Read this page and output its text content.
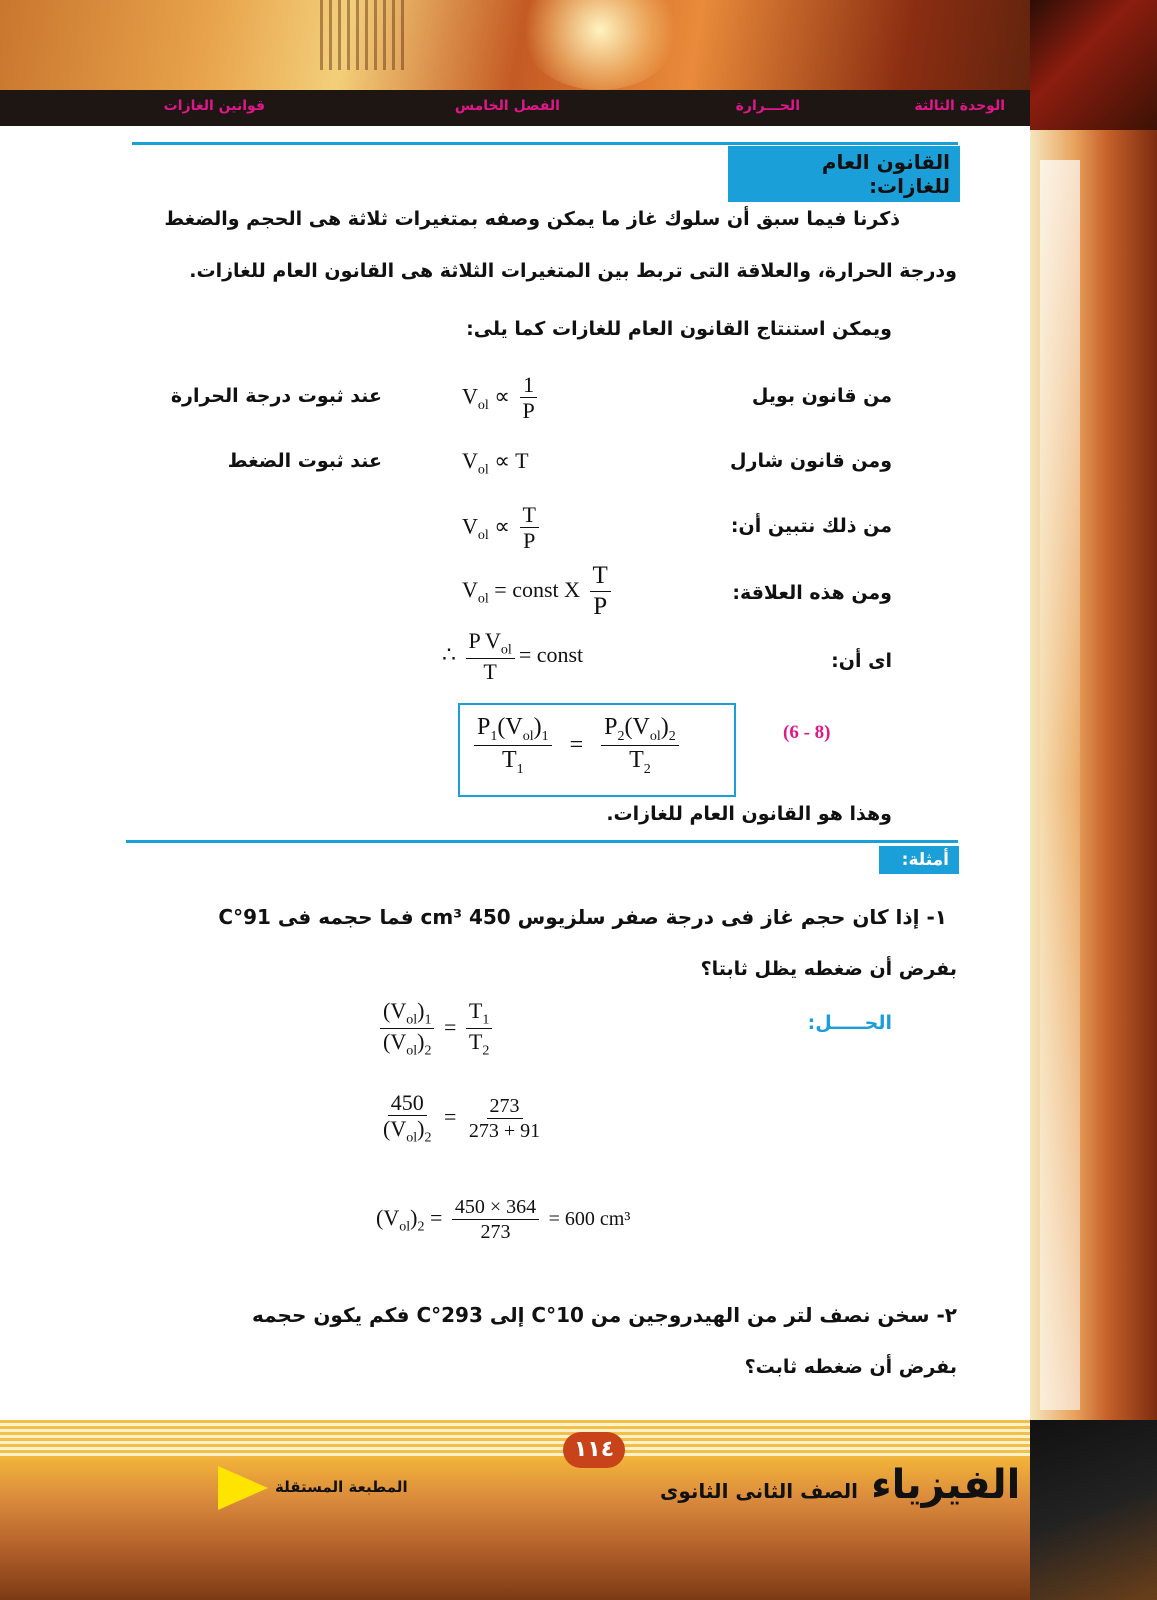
الوحدة الثالثة
الحـــرارة
الفصل الخامس
قوانين الغازات
القانون العام للغازات:
ذكرنا فيما سبق أن سلوك غاز ما يمكن وصفه بمتغيرات ثلاثة هى الحجم والضغط
ودرجة الحرارة، والعلاقة التى تربط بين المتغيرات الثلاثة هى القانون العام للغازات.
ويمكن استنتاج القانون العام للغازات كما يلى:
من قانون بويل
$V_{ol} \propto \frac{1}{P}$
عند ثبوت درجة الحرارة
ومن قانون شارل
$V_{ol} \propto T$
عند ثبوت الضغط
من ذلك نتبين أن:
$V_{ol} \propto \frac{T}{P}$
ومن هذه العلاقة:
$V_{ol}$ = const X $\frac{T}{P}$
اى أن:
∴ $\frac{P V_{ol}}{T}$ = const
$\frac{P_1(V_{ol})_1}{T_1} = \frac{P_2(V_{ol})_2}{T_2}$	(6 - 8)
وهذا هو القانون العام للغازات.
أمثلة:
١- إذا كان حجم غاز فى درجة صفر سلزيوس 450 cm³ فما حجمه فى 91°C
بفرض أن ضغطه يظل ثابتا؟
الحـــــل:
$\frac{(V_{ol})_1}{(V_{ol})_2} = \frac{T_1}{T_2}$
$\frac{450}{(V_{ol})_2} = \frac{273}{273 + 91}$
$(V_{ol})_2 = \frac{450 \times 364}{273} = 600$ cm³
٢- سخن نصف لتر من الهيدروجين من 10°C إلى 293°C فكم يكون حجمه
بفرض أن ضغطه ثابت؟
١١٤
الفيزياء الصف الثانى الثانوى
المطبعة المستقلة
